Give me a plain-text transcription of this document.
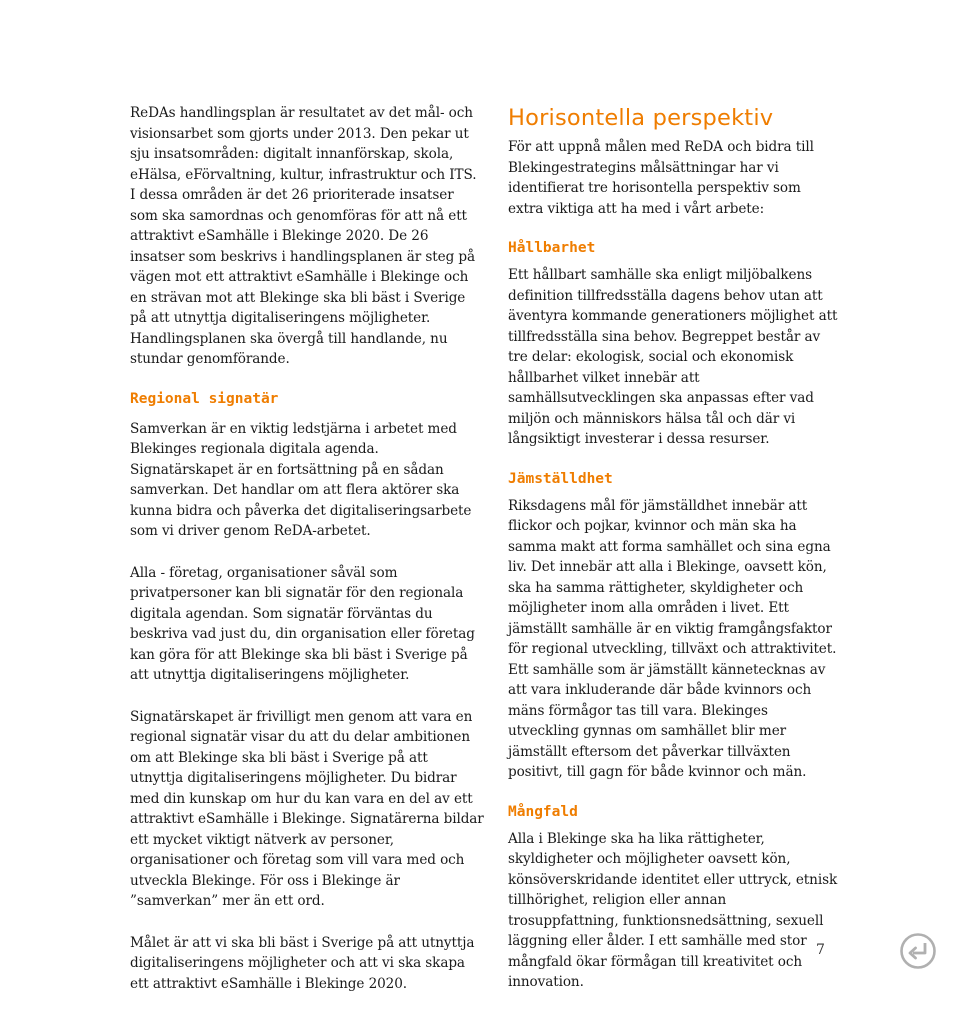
ReDAs handlingsplan är resultatet av det mål- och visionsarbet som gjorts under 2013. Den pekar ut sju insatsområden: digitalt innanförskap, skola, eHälsa, eFörvaltning, kultur, infrastruktur och ITS. I dessa områden är det 26 prioriterade insatser som ska samordnas och genomföras för att nå ett attraktivt eSamhälle i Blekinge 2020. De 26 insatser som beskrivs i handlingsplanen är steg på vägen mot ett attraktivt eSamhälle i Blekinge och en strävan mot att Blekinge ska bli bäst i Sverige på att utnyttja digitaliseringens möjligheter. Handlingsplanen ska övergå till handlande, nu stundar genomförande.

Regional signatär

Samverkan är en viktig ledstjärna i arbetet med Blekinges regionala digitala agenda. Signatärskapet är en fortsättning på en sådan samverkan. Det handlar om att flera aktörer ska kunna bidra och påverka det digitaliseringsarbete som vi driver genom ReDA-arbetet.

Alla - företag, organisationer såväl som privatpersoner kan bli signatär för den regionala digitala agendan. Som signatär förväntas du beskriva vad just du, din organisation eller företag kan göra för att Blekinge ska bli bäst i Sverige på att utnyttja digitaliseringens möjligheter.

Signatärskapet är frivilligt men genom att vara en regional signatär visar du att du delar ambitionen om att Blekinge ska bli bäst i Sverige på att utnyttja digitaliseringens möjligheter. Du bidrar med din kunskap om hur du kan vara en del av ett attraktivt eSamhälle i Blekinge. Signatärerna bildar ett mycket viktigt nätverk av personer, organisationer och företag som vill vara med och utveckla Blekinge. För oss i Blekinge är ”samverkan” mer än ett ord.

Målet är att vi ska bli bäst i Sverige på att utnyttja digitaliseringens möjligheter och att vi ska skapa ett attraktivt eSamhälle i Blekinge 2020.

Horisontella perspektiv

För att uppnå målen med ReDA och bidra till Blekingestrategins målsättningar har vi identifierat tre horisontella perspektiv som extra viktiga att ha med i vårt arbete:

Hållbarhet

Ett hållbart samhälle ska enligt miljöbalkens definition tillfredsställa dagens behov utan att äventyra kommande generationers möjlighet att tillfredsställa sina behov. Begreppet består av tre delar: ekologisk, social och ekonomisk hållbarhet vilket innebär att samhällsutvecklingen ska anpassas efter vad miljön och människors hälsa tål och där vi långsiktigt investerar i dessa resurser.

Jämställdhet

Riksdagens mål för jämställdhet innebär att flickor och pojkar, kvinnor och män ska ha samma makt att forma samhället och sina egna liv. Det innebär att alla i Blekinge, oavsett kön, ska ha samma rättigheter, skyldigheter och möjligheter inom alla områden i livet. Ett jämställt samhälle är en viktig framgångsfaktor för regional utveckling, tillväxt och attraktivitet. Ett samhälle som är jämställt kännetecknas av att vara inkluderande där både kvinnors och mäns förmågor tas till vara. Blekinges utveckling gynnas om samhället blir mer jämställt eftersom det påverkar tillväxten positivt, till gagn för både kvinnor och män.

Mångfald

Alla i Blekinge ska ha lika rättigheter, skyldigheter och möjligheter oavsett kön, könsöverskridande identitet eller uttryck, etnisk tillhörighet, religion eller annan trosuppfattning, funktionsnedsättning, sexuell läggning eller ålder. I ett samhälle med stor mångfald ökar förmågan till kreativitet och innovation.

7
